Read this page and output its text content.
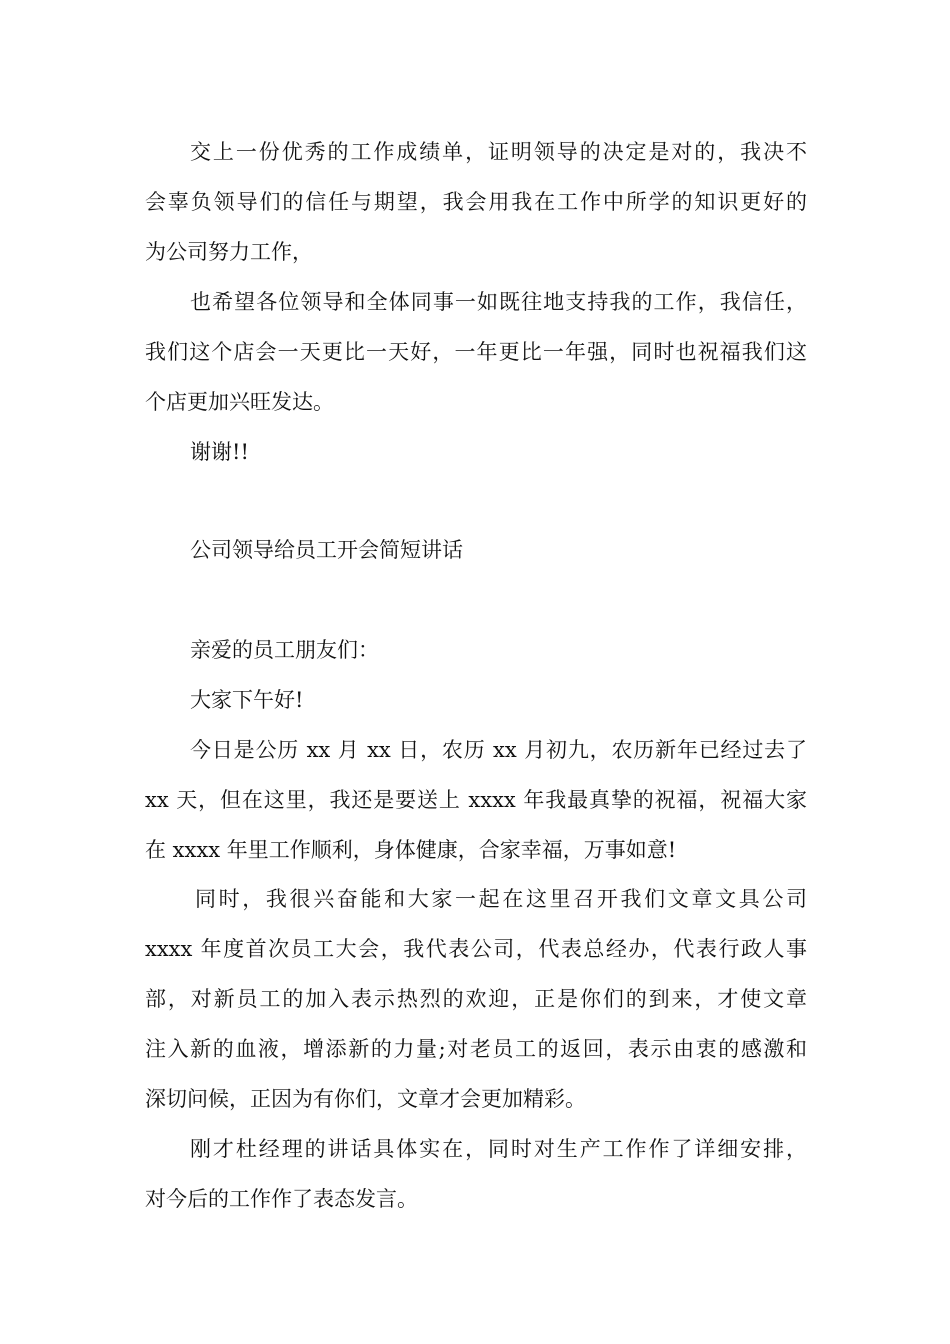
交上一份优秀的工作成绩单，证明领导的决定是对的，我决不
会辜负领导们的信任与期望，我会用我在工作中所学的知识更好的
为公司努力工作，
也希望各位领导和全体同事一如既往地支持我的工作，我信任，
我们这个店会一天更比一天好，一年更比一年强，同时也祝福我们这
个店更加兴旺发达。
谢谢!!
公司领导给员工开会简短讲话
亲爱的员工朋友们：
大家下午好!
今日是公历 xx 月 xx 日，农历 xx 月初九，农历新年已经过去了
xx 天，但在这里，我还是要送上 xxxx 年我最真挚的祝福，祝福大家
在 xxxx 年里工作顺利，身体健康，合家幸福，万事如意!
同时，我很兴奋能和大家一起在这里召开我们文章文具公司
xxxx 年度首次员工大会，我代表公司，代表总经办，代表行政人事
部，对新员工的加入表示热烈的欢迎，正是你们的到来，才使文章
注入新的血液，增添新的力量;对老员工的返回，表示由衷的感激和
深切问候，正因为有你们，文章才会更加精彩。
刚才杜经理的讲话具体实在，同时对生产工作作了详细安排，
对今后的工作作了表态发言。
